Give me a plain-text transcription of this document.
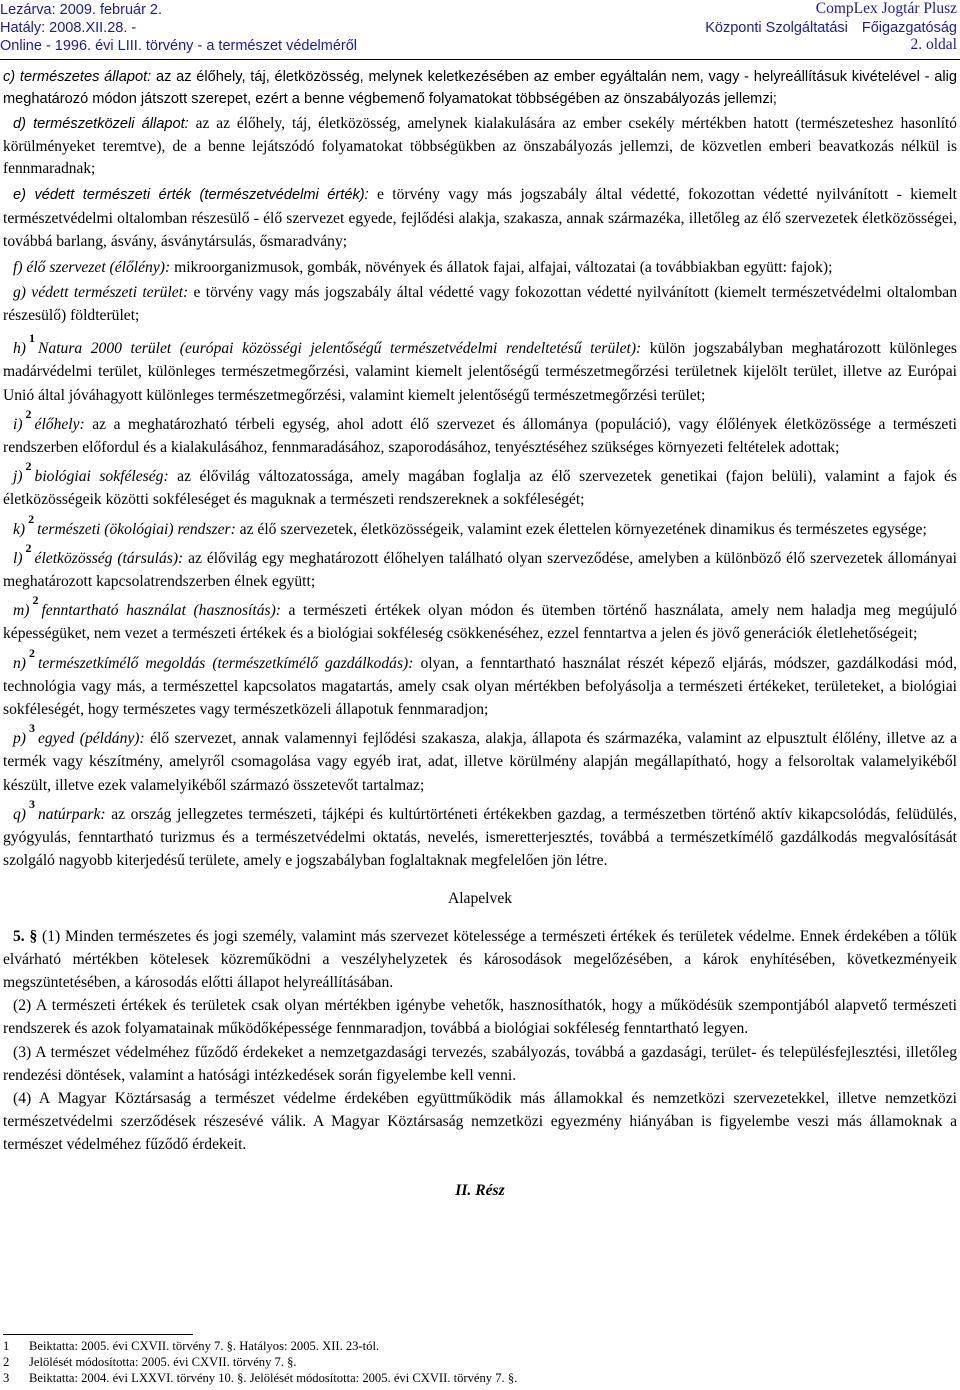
Lezárva: 2009. február 2.
Hatály: 2008.XII.28. -
Online - 1996. évi LIII. törvény - a természet védelméről
CompLex Jogtár Plusz
Központi Szolgáltatási Főigazgatóság
2. oldal

c) természetes állapot: az az élőhely, táj, életközösség, melynek keletkezésében az ember egyáltalán nem, vagy - helyreállításuk kivételével - alig meghatározó módon játszott szerepet, ezért a benne végbemenő folyamatokat többségében az önszabályozás jellemzi;

d) természetközeli állapot: az az élőhely, táj, életközösség, amelynek kialakulására az ember csekély mértékben hatott (természeteshez hasonlító körülményeket teremtve), de a benne lejátszódó folyamatokat többségükben az önszabályozás jellemzi, de közvetlen emberi beavatkozás nélkül is fennmaradnak;

e) védett természeti érték (természetvédelmi érték): e törvény vagy más jogszabály által védetté, fokozottan védetté nyilvánított - kiemelt természetvédelmi oltalomban részesülő - élő szervezet egyede, fejlődési alakja, szakasza, annak származéka, illetőleg az élő szervezetek életközösségei, továbbá barlang, ásvány, ásványtársulás, ősmaradvány;

f) élő szervezet (élőlény): mikroorganizmusok, gombák, növények és állatok fajai, alfajai, változatai (a továbbiakban együtt: fajok);

g) védett természeti terület: e törvény vagy más jogszabály által védetté vagy fokozottan védetté nyilvánított (kiemelt természetvédelmi oltalomban részesülő) földterület;

h)$^1$Natura 2000 terület (európai közösségi jelentőségű természetvédelmi rendeltetésű terület): külön jogszabályban meghatározott különleges madárvédelmi terület, különleges természetmegőrzési, valamint kiemelt jelentőségű természetmegőrzési területnek kijelölt terület, illetve az Európai Unió által jóváhagyott különleges természetmegőrzési, valamint kiemelt jelentőségű természetmegőrzési terület;

i)$^2$élőhely: az a meghatározható térbeli egység, ahol adott élő szervezet és állománya (populáció), vagy élőlények életközössége a természeti rendszerben előfordul és a kialakulásához, fennmaradásához, szaporodásához, tenyésztéséhez szükséges környezeti feltételek adottak;

j)$^2$biológiai sokféleség: az élővilág változatossága, amely magában foglalja az élő szervezetek genetikai (fajon belüli), valamint a fajok és életközösségeik közötti sokféleséget és maguknak a természeti rendszereknek a sokféleségét;

k)$^2$természeti (ökológiai) rendszer: az élő szervezetek, életközösségeik, valamint ezek élettelen környezetének dinamikus és természetes egysége;

l)$^2$életközösség (társulás): az élővilág egy meghatározott élőhelyen található olyan szerveződése, amelyben a különböző élő szervezetek állományai meghatározott kapcsolatrendszerben élnek együtt;

m)$^2$fenntartható használat (hasznosítás): a természeti értékek olyan módon és ütemben történő használata, amely nem haladja meg megújuló képességüket, nem vezet a természeti értékek és a biológiai sokféleség csökkenéséhez, ezzel fenntartva a jelen és jövő generációk életlehetőségeit;

n)$^2$természetkímélő megoldás (természetkímélő gazdálkodás): olyan, a fenntartható használat részét képező eljárás, módszer, gazdálkodási mód, technológia vagy más, a természettel kapcsolatos magatartás, amely csak olyan mértékben befolyásolja a természeti értékeket, területeket, a biológiai sokféleségét, hogy természetes vagy természetközeli állapotuk fennmaradjon;

p)$^3$egyed (példány): élő szervezet, annak valamennyi fejlődési szakasza, alakja, állapota és származéka, valamint az elpusztult élőlény, illetve az a termék vagy készítmény, amelyről csomagolása vagy egyéb irat, adat, illetve körülmény alapján megállapítható, hogy a felsoroltak valamelyikéből készült, illetve ezek valamelyikéből származó összetevőt tartalmaz;

q)$^3$natúrpark: az ország jellegzetes természeti, tájképi és kultúrtörténeti értékekben gazdag, a természetben történő aktív kikapcsolódás, felüdülés, gyógyulás, fenntartható turizmus és a természetvédelmi oktatás, nevelés, ismeretterjesztés, továbbá a természetkímélő gazdálkodás megvalósítását szolgáló nagyobb kiterjedésű területe, amely e jogszabályban foglaltaknak megfelelően jön létre.

Alapelvek

5. § (1) Minden természetes és jogi személy, valamint más szervezet kötelessége a természeti értékek és területek védelme. Ennek érdekében a tőlük elvárható mértékben kötelesek közreműködni a veszélyhelyzetek és károsodások megelőzésében, a károk enyhítésében, következményeik megszüntetésében, a károsodás előtti állapot helyreállításában.

(2) A természeti értékek és területek csak olyan mértékben igénybe vehetők, hasznosíthatók, hogy a működésük szempontjából alapvető természeti rendszerek és azok folyamatainak működőképessége fennmaradjon, továbbá a biológiai sokféleség fenntartható legyen.

(3) A természet védelméhez fűződő érdekeket a nemzetgazdasági tervezés, szabályozás, továbbá a gazdasági, terület- és településfejlesztési, illetőleg rendezési döntések, valamint a hatósági intézkedések során figyelembe kell venni.

(4) A Magyar Köztársaság a természet védelme érdekében együttműködik más államokkal és nemzetközi szervezetekkel, illetve nemzetközi természetvédelmi szerződések részesévé válik. A Magyar Köztársaság nemzetközi egyezmény hiányában is figyelembe veszi más államoknak a természet védelméhez fűződő érdekeit.

II. Rész

1 Beiktatta: 2005. évi CXVII. törvény 7. §. Hatályos: 2005. XII. 23-tól.

2 Jelölését módosította: 2005. évi CXVII. törvény 7. §.

3 Beiktatta: 2004. évi LXXVI. törvény 10. §. Jelölését módosította: 2005. évi CXVII. törvény 7. §.
